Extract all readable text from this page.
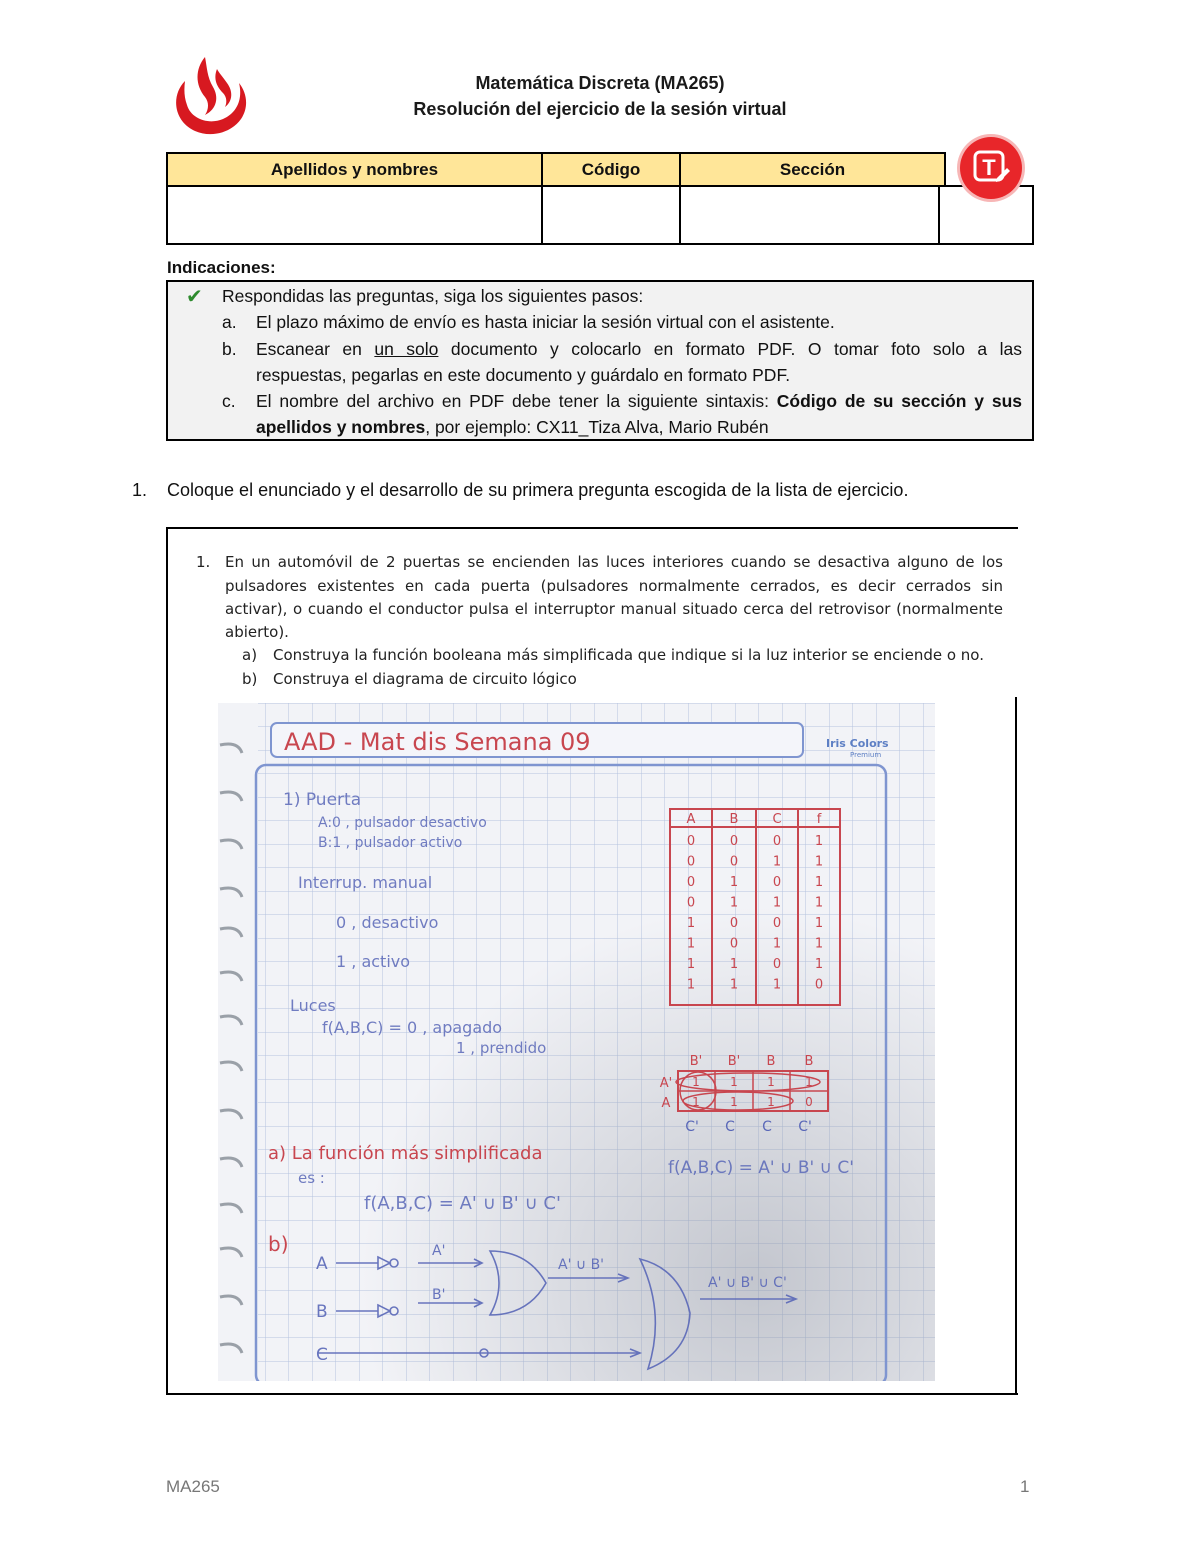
Matemática Discreta (MA265)
Resolución del ejercicio de la sesión virtual
Apellidos y nombres	Código	Sección	T
Indicaciones:
✔ Respondidas las preguntas, siga los siguientes pasos:
a. El plazo máximo de envío es hasta iniciar la sesión virtual con el asistente.
b. Escanear en un solo documento y colocarlo en formato PDF. O tomar foto solo a las
respuestas, pegarlas en este documento y guárdalo en formato PDF.
c. El nombre del archivo en PDF debe tener la siguiente sintaxis: Código de su sección y sus
apellidos y nombres, por ejemplo: CX11_Tiza Alva, Mario Rubén
1. Coloque el enunciado y el desarrollo de su primera pregunta escogida de la lista de ejercicio.
1. En un automóvil de 2 puertas se encienden las luces interiores cuando se desactiva alguno de los
pulsadores existentes en cada puerta (pulsadores normalmente cerrados, es decir cerrados sin
activar), o cuando el conductor pulsa el interruptor manual situado cerca del retrovisor (normalmente
abierto).
a) Construya la función booleana más simplificada que indique si la luz interior se enciende o no.
b) Construya el diagrama de circuito lógico
AAD - Mat dis Semana 09	Iris Colors
Premium
1) Puerta
A:0 , pulsador desactivo
B:1 , pulsador activo
Interrup. manual
0 , desactivo
1 , activo
Luces
f(A,B,C) = 0 , apagado
1 , prendido
es :
f(A,B,C) = A' ∪ B' ∪ C'
f(A,B,C) = A' ∪ B' ∪ C'
a) La función más simplificada
b)
A	B	C	f
0	0	0	1
0	0	1	1
0	1	0	1
0	1	1	1
1	0	0	1
1	0	1	1
1	1	0	1
1	1	1	0
B' B' B B
A'
A
1	1 1	1
1	1 1	0
C' C C C'
A
B
C
A'
B'
A' ∪ B'
A' ∪ B' ∪ C'
MA265	1
